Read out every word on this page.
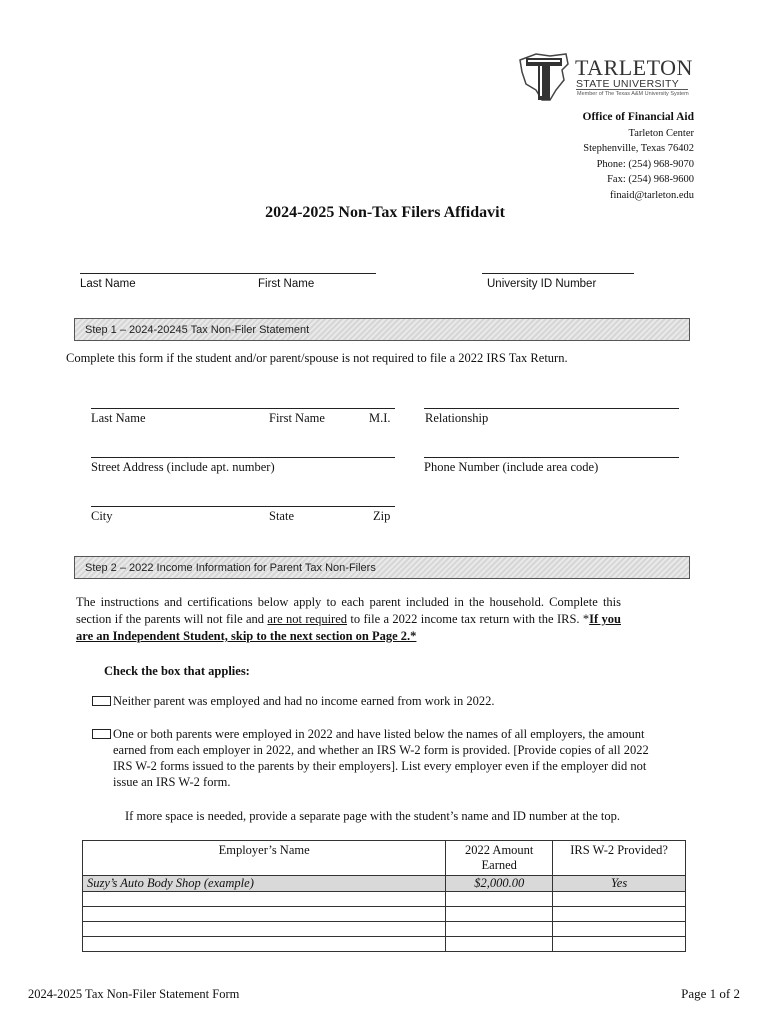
TARLETON
STATE UNIVERSITY
Member of The Texas A&M University System
Office of Financial Aid
Tarleton Center
Stephenville, Texas 76402
Phone: (254) 968-9070
Fax: (254) 968-9600
finaid@tarleton.edu
2024-2025 Non-Tax Filers Affidavit
Last Name	First Name	University ID Number
Step 1 – 2024-20245 Tax Non-Filer Statement
Complete this form if the student and/or parent/spouse is not required to file a 2022 IRS Tax Return.
Last Name	First Name	M.I.	Relationship
Street Address (include apt. number)	Phone Number (include area code)
City	State	Zip
Step 2 – 2022 Income Information for Parent Tax Non-Filers
The instructions and certifications below apply to each parent included in the household. Complete this section if the parents will not file and are not required to file a 2022 income tax return with the IRS. *If you are an Independent Student, skip to the next section on Page 2.*
Check the box that applies:
Neither parent was employed and had no income earned from work in 2022.
One or both parents were employed in 2022 and have listed below the names of all employers, the amount earned from each employer in 2022, and whether an IRS W-2 form is provided. [Provide copies of all 2022 IRS W-2 forms issued to the parents by their employers]. List every employer even if the employer did not issue an IRS W-2 form.
If more space is needed, provide a separate page with the student’s name and ID number at the top.
Employer’s Name	2022 Amount Earned	IRS W-2 Provided?
Suzy’s Auto Body Shop (example)	$2,000.00	Yes

2024-2025 Tax Non-Filer Statement Form	Page 1 of 2
